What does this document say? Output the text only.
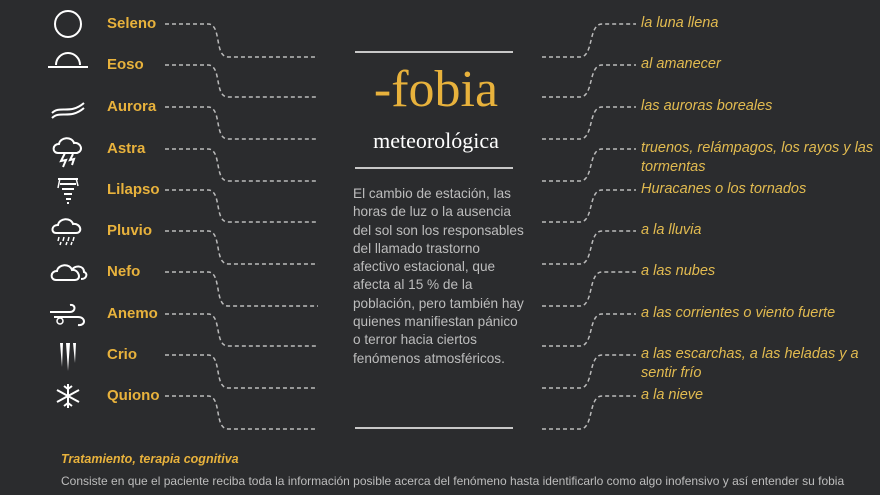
Seleno	la luna llena
Eoso	al amanecer
Aurora	las auroras boreales
Astra	truenos, relámpagos, los rayos y las tormentas
Lilapso	Huracanes o los tornados
Pluvio	a la lluvia
Nefo	a las nubes
Anemo	a las corrientes o viento fuerte
Crio	a las escarchas, a las heladas y a sentir frío
Quiono	a la nieve
-fobia
meteorológica
El cambio de estación, las horas de luz o la ausencia del sol son los responsables del llamado trastorno afectivo estacional, que afecta al 15 % de la población, pero también hay quienes manifiestan pánico o terror hacia ciertos fenómenos atmosféricos.
Tratamiento, terapia cognitiva
Consiste en que el paciente reciba toda la información posible acerca del fenómeno hasta identificarlo como algo inofensivo y así entender su fobia
